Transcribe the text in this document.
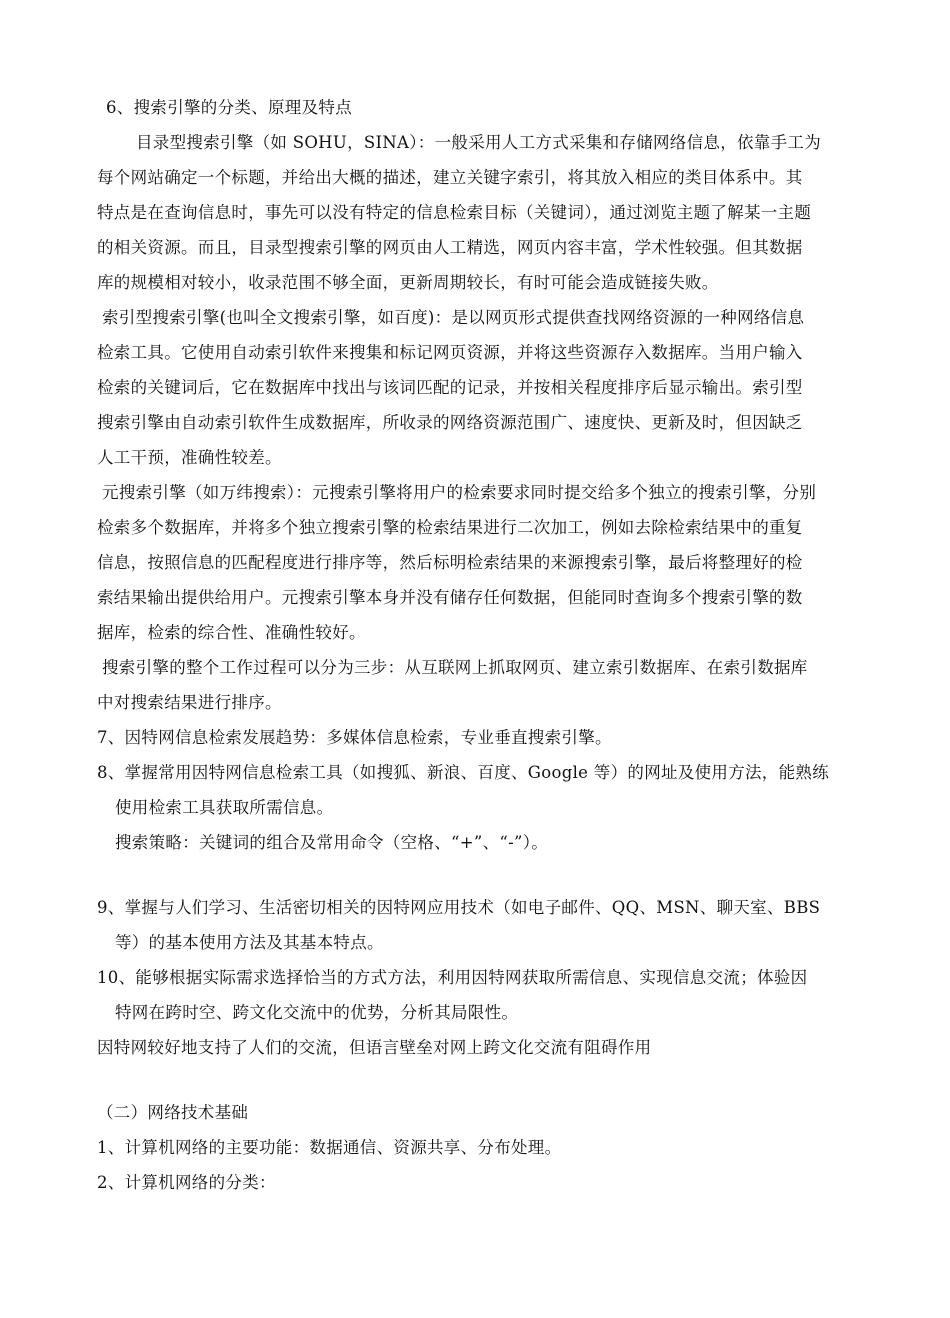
6、搜索引擎的分类、原理及特点
目录型搜索引擎（如 SOHU，SINA）：一般采用人工方式采集和存储网络信息，依靠手工为
每个网站确定一个标题，并给出大概的描述，建立关键字索引，将其放入相应的类目体系中。其
特点是在查询信息时，事先可以没有特定的信息检索目标（关键词），通过浏览主题了解某一主题
的相关资源。而且，目录型搜索引擎的网页由人工精选，网页内容丰富，学术性较强。但其数据
库的规模相对较小，收录范围不够全面，更新周期较长，有时可能会造成链接失败。
索引型搜索引擎(也叫全文搜索引擎，如百度)：是以网页形式提供查找网络资源的一种网络信息
检索工具。它使用自动索引软件来搜集和标记网页资源，并将这些资源存入数据库。当用户输入
检索的关键词后，它在数据库中找出与该词匹配的记录，并按相关程度排序后显示输出。索引型
搜索引擎由自动索引软件生成数据库，所收录的网络资源范围广、速度快、更新及时，但因缺乏
人工干预，准确性较差。
元搜索引擎（如万纬搜索）：元搜索引擎将用户的检索要求同时提交给多个独立的搜索引擎，分别
检索多个数据库，并将多个独立搜索引擎的检索结果进行二次加工，例如去除检索结果中的重复
信息，按照信息的匹配程度进行排序等，然后标明检索结果的来源搜索引擎，最后将整理好的检
索结果输出提供给用户。元搜索引擎本身并没有储存任何数据，但能同时查询多个搜索引擎的数
据库，检索的综合性、准确性较好。
搜索引擎的整个工作过程可以分为三步：从互联网上抓取网页、建立索引数据库、在索引数据库
中对搜索结果进行排序。
7、因特网信息检索发展趋势：多媒体信息检索，专业垂直搜索引擎。
8、掌握常用因特网信息检索工具（如搜狐、新浪、百度、Google 等）的网址及使用方法，能熟练
使用检索工具获取所需信息。
搜索策略：关键词的组合及常用命令（空格、“+”、“-”）。
9、掌握与人们学习、生活密切相关的因特网应用技术（如电子邮件、QQ、MSN、聊天室、BBS
等）的基本使用方法及其基本特点。
10、能够根据实际需求选择恰当的方式方法，利用因特网获取所需信息、实现信息交流；体验因
特网在跨时空、跨文化交流中的优势，分析其局限性。
因特网较好地支持了人们的交流，但语言壁垒对网上跨文化交流有阻碍作用
（二）网络技术基础
1、计算机网络的主要功能：数据通信、资源共享、分布处理。
2、计算机网络的分类：
